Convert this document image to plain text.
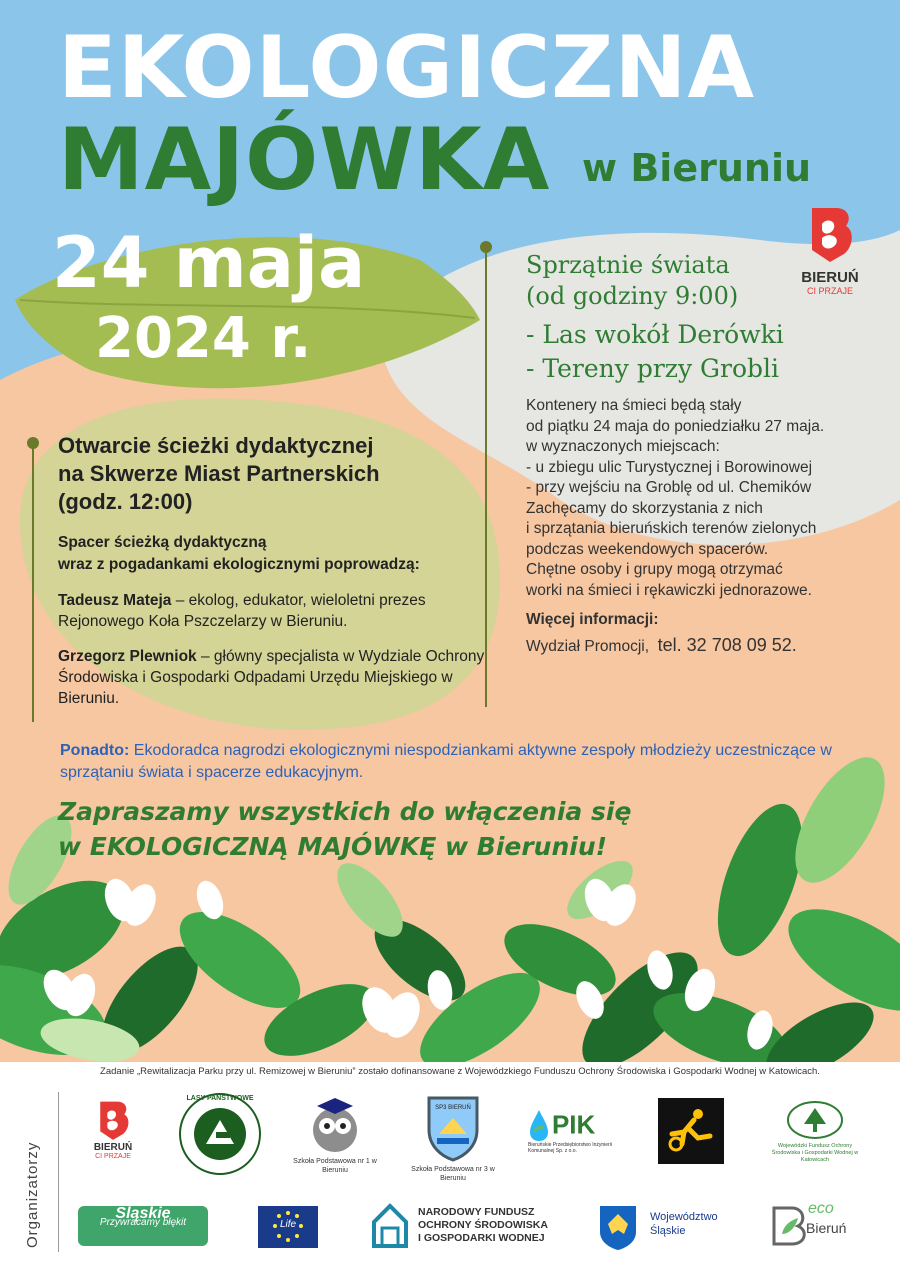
EKOLOGICZNA
MAJÓWKA w Bieruniu
24 maja
2024 r.
BIERUŃ
CI PRZAJE
Sprzątnie świata
(od godziny 9:00)
- Las wokół Derówki
- Tereny przy Grobli
Kontenery na śmieci będą stały
od piątku 24 maja do poniedziałku 27 maja.
w wyznaczonych miejscach:
- u zbiegu ulic Turystycznej i Borowinowej
- przy wejściu na Groblę od ul. Chemików
Zachęcamy do skorzystania z nich
i sprzątania bieruńskich terenów zielonych
podczas weekendowych spacerów.
Chętne osoby i grupy mogą otrzymać
worki na śmieci i rękawiczki jednorazowe.
Więcej informacji:
Wydział Promocji, tel. 32 708 09 52.
Otwarcie ścieżki dydaktycznej
na Skwerze Miast Partnerskich
(godz. 12:00)
Spacer ścieżką dydaktyczną
wraz z pogadankami ekologicznymi poprowadzą:
Tadeusz Mateja – ekolog, edukator, wieloletni prezes Rejonowego Koła Pszczelarzy w Bieruniu.
Grzegorz Plewniok – główny specjalista w Wydziale Ochrony Środowiska i Gospodarki Odpadami Urzędu Miejskiego w Bieruniu.
Ponadto: Ekodoradca nagrodzi ekologicznymi niespodziankami aktywne zespoły młodzieży uczestniczące w sprzątaniu świata i spacerze edukacyjnym.
Zapraszamy wszystkich do włączenia się
w EKOLOGICZNĄ MAJÓWKĘ w Bieruniu!
Zadanie „Rewitalizacja Parku przy ul. Remizowej w Bieruniu” zostało dofinansowane z Wojewódzkiego Funduszu Ochrony Środowiska i Gospodarki Wodnej w Katowicach.
Organizatorzy	BIERUŃ
CI PRZAJE
LASY PAŃSTWOWE
Szkoła Podstawowa nr 1 w Bieruniu
SP3 BIERUŃ
Szkoła Podstawowa nr 3 w Bieruniu
PIK
Bieruńskie Przedsiębiorstwo Inżynierii Komunalnej Sp. z o.o.
Wojewódzki Fundusz Ochrony Środowiska i Gospodarki Wodnej w Katowicach
Śląskie
Przywracamy błękit	Life
NARODOWY FUNDUSZ
OCHRONY ŚRODOWISKA
I GOSPODARKI WODNEJ
Województwo
Śląskie
eco
Bieruń
